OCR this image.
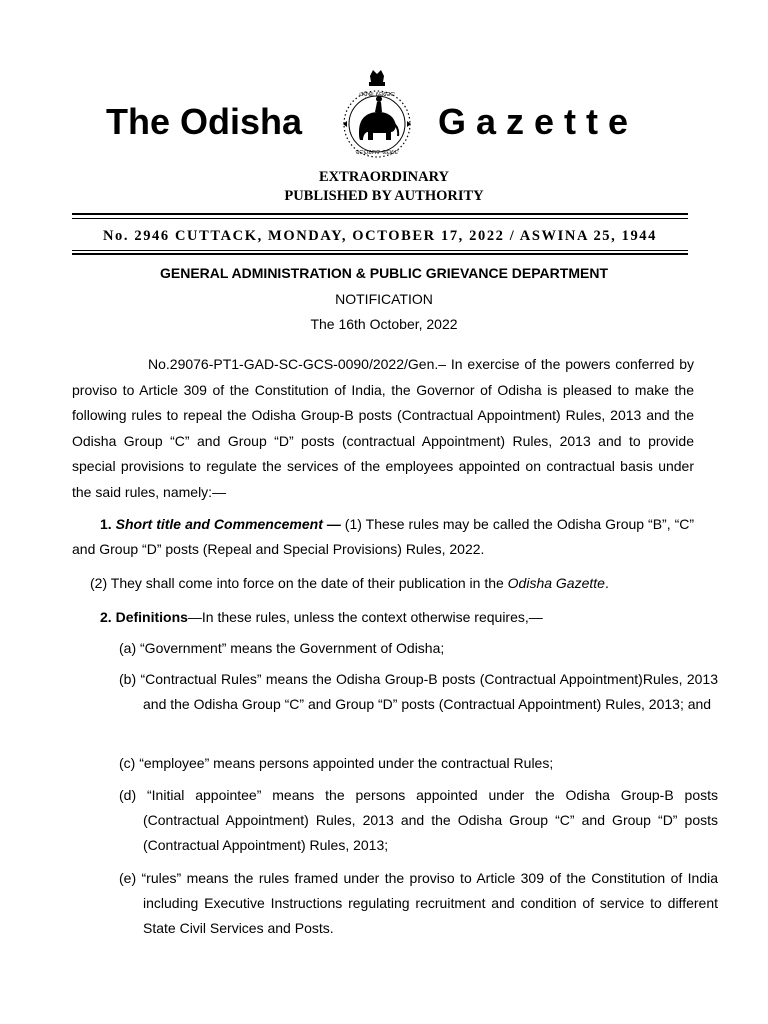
The Odisha
ଓଡ଼ିଶା ଗେଜେଟ
ସତ୍ୟମେବ ଜୟତେ
Gazette
EXTRAORDINARY
PUBLISHED BY AUTHORITY
No. 2946 CUTTACK, MONDAY, OCTOBER 17, 2022 / ASWINA 25, 1944
GENERAL ADMINISTRATION & PUBLIC GRIEVANCE DEPARTMENT
NOTIFICATION
The 16th October, 2022
No.29076-PT1-GAD-SC-GCS-0090/2022/Gen.– In exercise of the powers conferred by proviso to Article 309 of the Constitution of India, the Governor of Odisha is pleased to make the following rules to repeal the Odisha Group-B posts (Contractual Appointment) Rules, 2013 and the Odisha Group “C” and Group “D” posts (contractual Appointment) Rules, 2013 and to provide special provisions to regulate the services of the employees appointed on contractual basis under the said rules, namely:—
1. Short title and Commencement — (1) These rules may be called the Odisha Group “B”, “C” and Group “D” posts (Repeal and Special Provisions) Rules, 2022.
(2) They shall come into force on the date of their publication in the Odisha Gazette.
2. Definitions—In these rules, unless the context otherwise requires,—
(a) “Government” means the Government of Odisha;
(b) “Contractual Rules” means the Odisha Group-B posts (Contractual Appointment)Rules, 2013 and the Odisha Group “C” and Group “D” posts (Contractual Appointment) Rules, 2013; and
(c) “employee” means persons appointed under the contractual Rules;
(d) “Initial appointee” means the persons appointed under the Odisha Group-B posts (Contractual Appointment) Rules, 2013 and the Odisha Group “C” and Group “D” posts (Contractual Appointment) Rules, 2013;
(e) “rules” means the rules framed under the proviso to Article 309 of the Constitution of India including Executive Instructions regulating recruitment and condition of service to different State Civil Services and Posts.
